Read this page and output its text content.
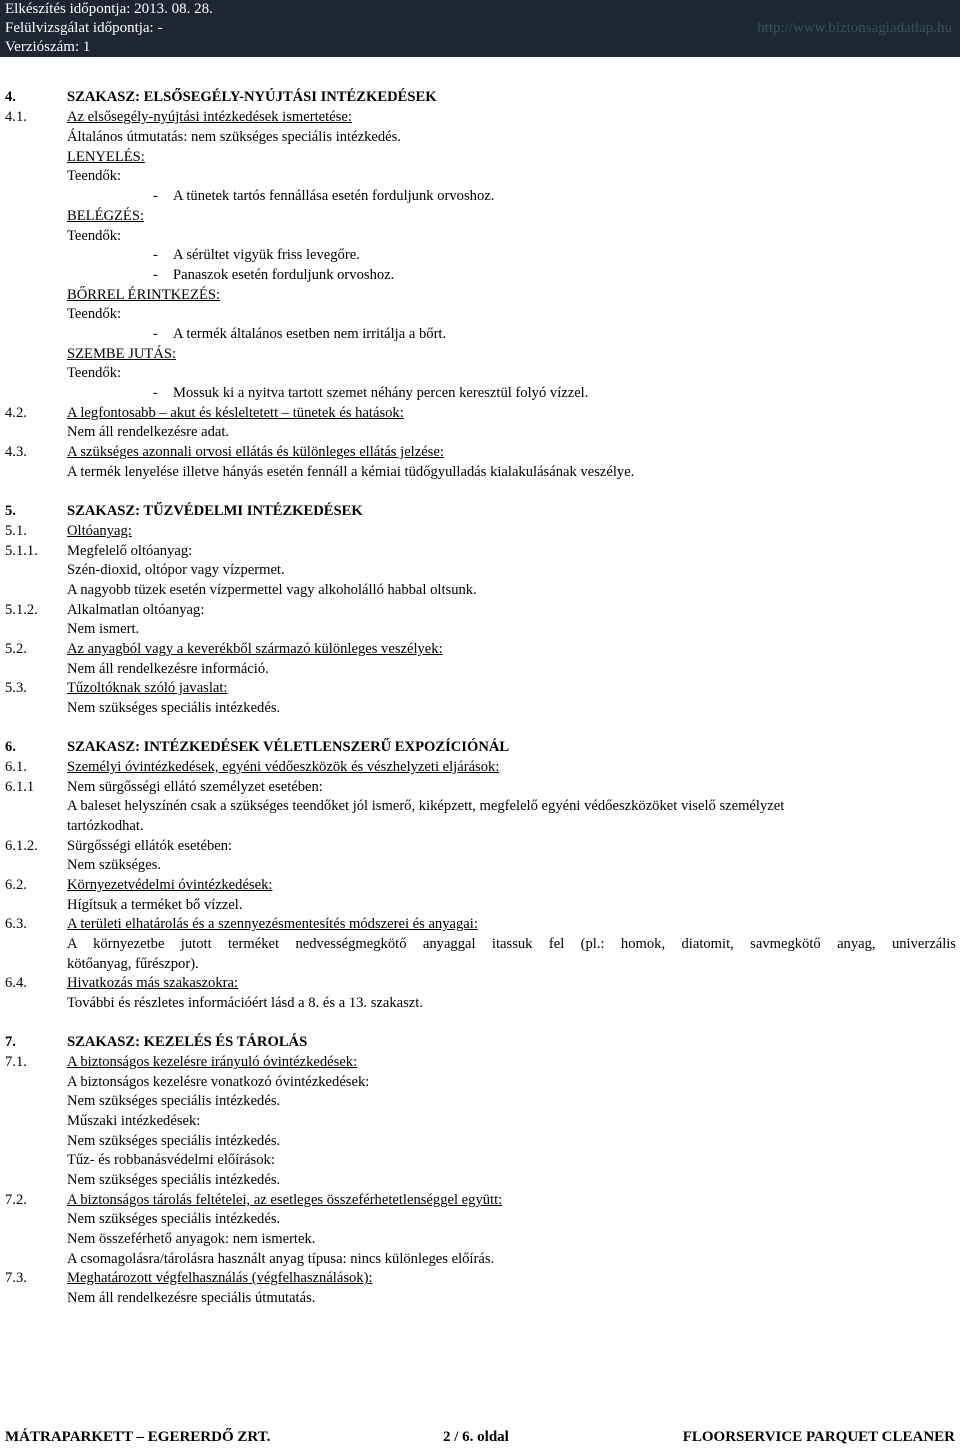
Elkészítés időpontja: 2013. 08. 28.
Felülvizsgálat időpontja: -
Verziószám: 1
http://www.biztonsagiadatlap.hu
4.	SZAKASZ: ELSŐSEGÉLY-NYÚJTÁSI INTÉZKEDÉSEK
4.1.	Az elsősegély-nyújtási intézkedések ismertetése:
Általános útmutatás: nem szükséges speciális intézkedés.
LENYELÉS:
Teendők:
- A tünetek tartós fennállása esetén forduljunk orvoshoz.
BELÉGZÉS:
Teendők:
- A sérültet vigyük friss levegőre.
- Panaszok esetén forduljunk orvoshoz.
BŐRREL ÉRINTKEZÉS:
Teendők:
- A termék általános esetben nem irritálja a bőrt.
SZEMBE JUTÁS:
Teendők:
- Mossuk ki a nyitva tartott szemet néhány percen keresztül folyó vízzel.
4.2.	A legfontosabb – akut és késleltetett – tünetek és hatások:
Nem áll rendelkezésre adat.
4.3.	A szükséges azonnali orvosi ellátás és különleges ellátás jelzése:
A termék lenyelése illetve hányás esetén fennáll a kémiai tüdőgyulladás kialakulásának veszélye.
5.	SZAKASZ: TŰZVÉDELMI INTÉZKEDÉSEK
5.1.	Oltóanyag:
5.1.1. Megfelelő oltóanyag:
Szén-dioxid, oltópor vagy vízpermet.
A nagyobb tüzek esetén vízpermettel vagy alkoholálló habbal oltsunk.
5.1.2. Alkalmatlan oltóanyag:
Nem ismert.
5.2.	Az anyagból vagy a keverékből származó különleges veszélyek:
Nem áll rendelkezésre információ.
5.3.	Tűzoltóknak szóló javaslat:
Nem szükséges speciális intézkedés.
6.	SZAKASZ: INTÉZKEDÉSEK VÉLETLENSZERŰ EXPOZÍCIÓNÁL
6.1.	Személyi óvintézkedések, egyéni védőeszközök és vészhelyzeti eljárások:
6.1.1 Nem sürgősségi ellátó személyzet esetében:
A baleset helyszínén csak a szükséges teendőket jól ismerő, kiképzett, megfelelő egyéni védőeszközöket viselő személyzet
tartózkodhat.
6.1.2. Sürgősségi ellátók esetében:
Nem szükséges.
6.2.	Környezetvédelmi óvintézkedések:
Hígítsuk a terméket bő vízzel.
6.3.	A területi elhatárolás és a szennyezésmentesítés módszerei és anyagai:
A környezetbe jutott terméket nedvességmegkötő anyaggal itassuk fel (pl.: homok, diatomit, savmegkötő anyag, univerzális
kötőanyag, fűrészpor).
6.4.	Hivatkozás más szakaszokra:
További és részletes információért lásd a 8. és a 13. szakaszt.
7.	SZAKASZ: KEZELÉS ÉS TÁROLÁS
7.1.	A biztonságos kezelésre irányuló óvintézkedések:
A biztonságos kezelésre vonatkozó óvintézkedések:
Nem szükséges speciális intézkedés.
Műszaki intézkedések:
Nem szükséges speciális intézkedés.
Tűz- és robbanásvédelmi előírások:
Nem szükséges speciális intézkedés.
7.2.	A biztonságos tárolás feltételei, az esetleges összeférhetetlenséggel együtt:
Nem szükséges speciális intézkedés.
Nem összeférhető anyagok: nem ismertek.
A csomagolásra/tárolásra használt anyag típusa: nincs különleges előírás.
7.3.	Meghatározott végfelhasználás (végfelhasználások):
Nem áll rendelkezésre speciális útmutatás.
MÁTRAPARKETT – EGERERDŐ ZRT.	2 / 6. oldal	FLOORSERVICE PARQUET CLEANER
